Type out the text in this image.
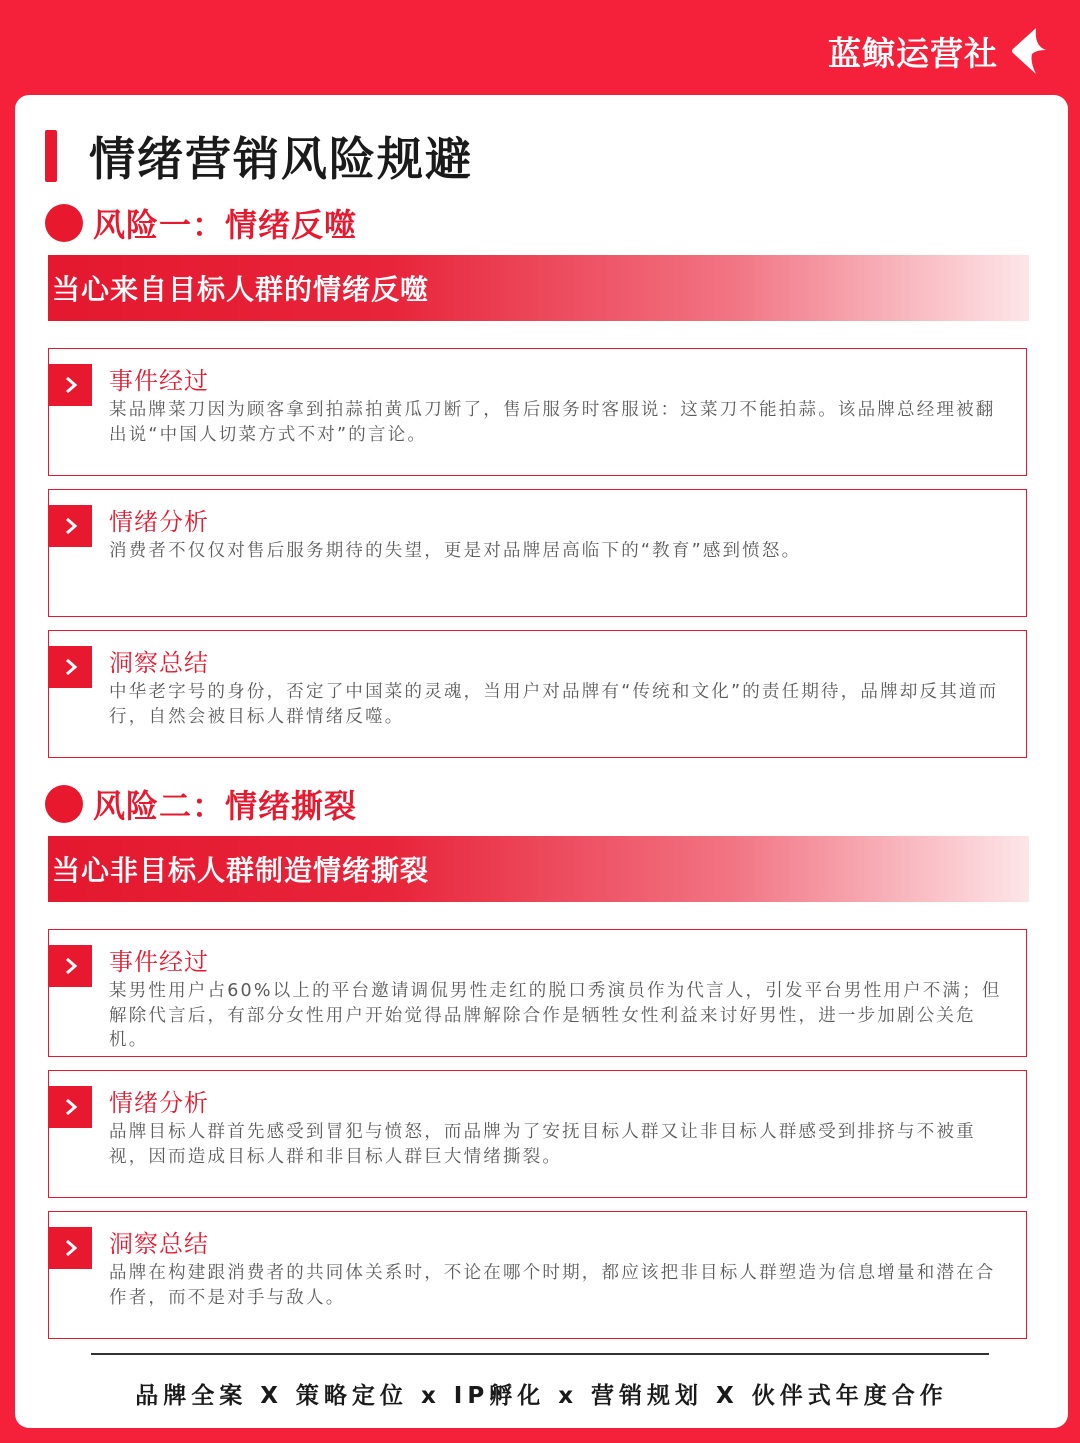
蓝鲸运营社
情绪营销风险规避
风险一：情绪反噬
当心来自目标人群的情绪反噬
事件经过
某品牌菜刀因为顾客拿到拍蒜拍黄瓜刀断了，售后服务时客服说：这菜刀不能拍蒜。该品牌总经理被翻出说“中国人切菜方式不对”的言论。
情绪分析
消费者不仅仅对售后服务期待的失望，更是对品牌居高临下的“教育”感到愤怒。
洞察总结
中华老字号的身份，否定了中国菜的灵魂，当用户对品牌有“传统和文化”的责任期待，品牌却反其道而行，自然会被目标人群情绪反噬。
风险二：情绪撕裂
当心非目标人群制造情绪撕裂
事件经过
某男性用户占60%以上的平台邀请调侃男性走红的脱口秀演员作为代言人，引发平台男性用户不满；但解除代言后，有部分女性用户开始觉得品牌解除合作是牺牲女性利益来讨好男性，进一步加剧公关危机。
情绪分析
品牌目标人群首先感受到冒犯与愤怒，而品牌为了安抚目标人群又让非目标人群感受到排挤与不被重视，因而造成目标人群和非目标人群巨大情绪撕裂。
洞察总结
品牌在构建跟消费者的共同体关系时，不论在哪个时期，都应该把非目标人群塑造为信息增量和潜在合作者，而不是对手与敌人。
品牌全案 X 策略定位 x IP孵化 x 营销规划 X 伙伴式年度合作
